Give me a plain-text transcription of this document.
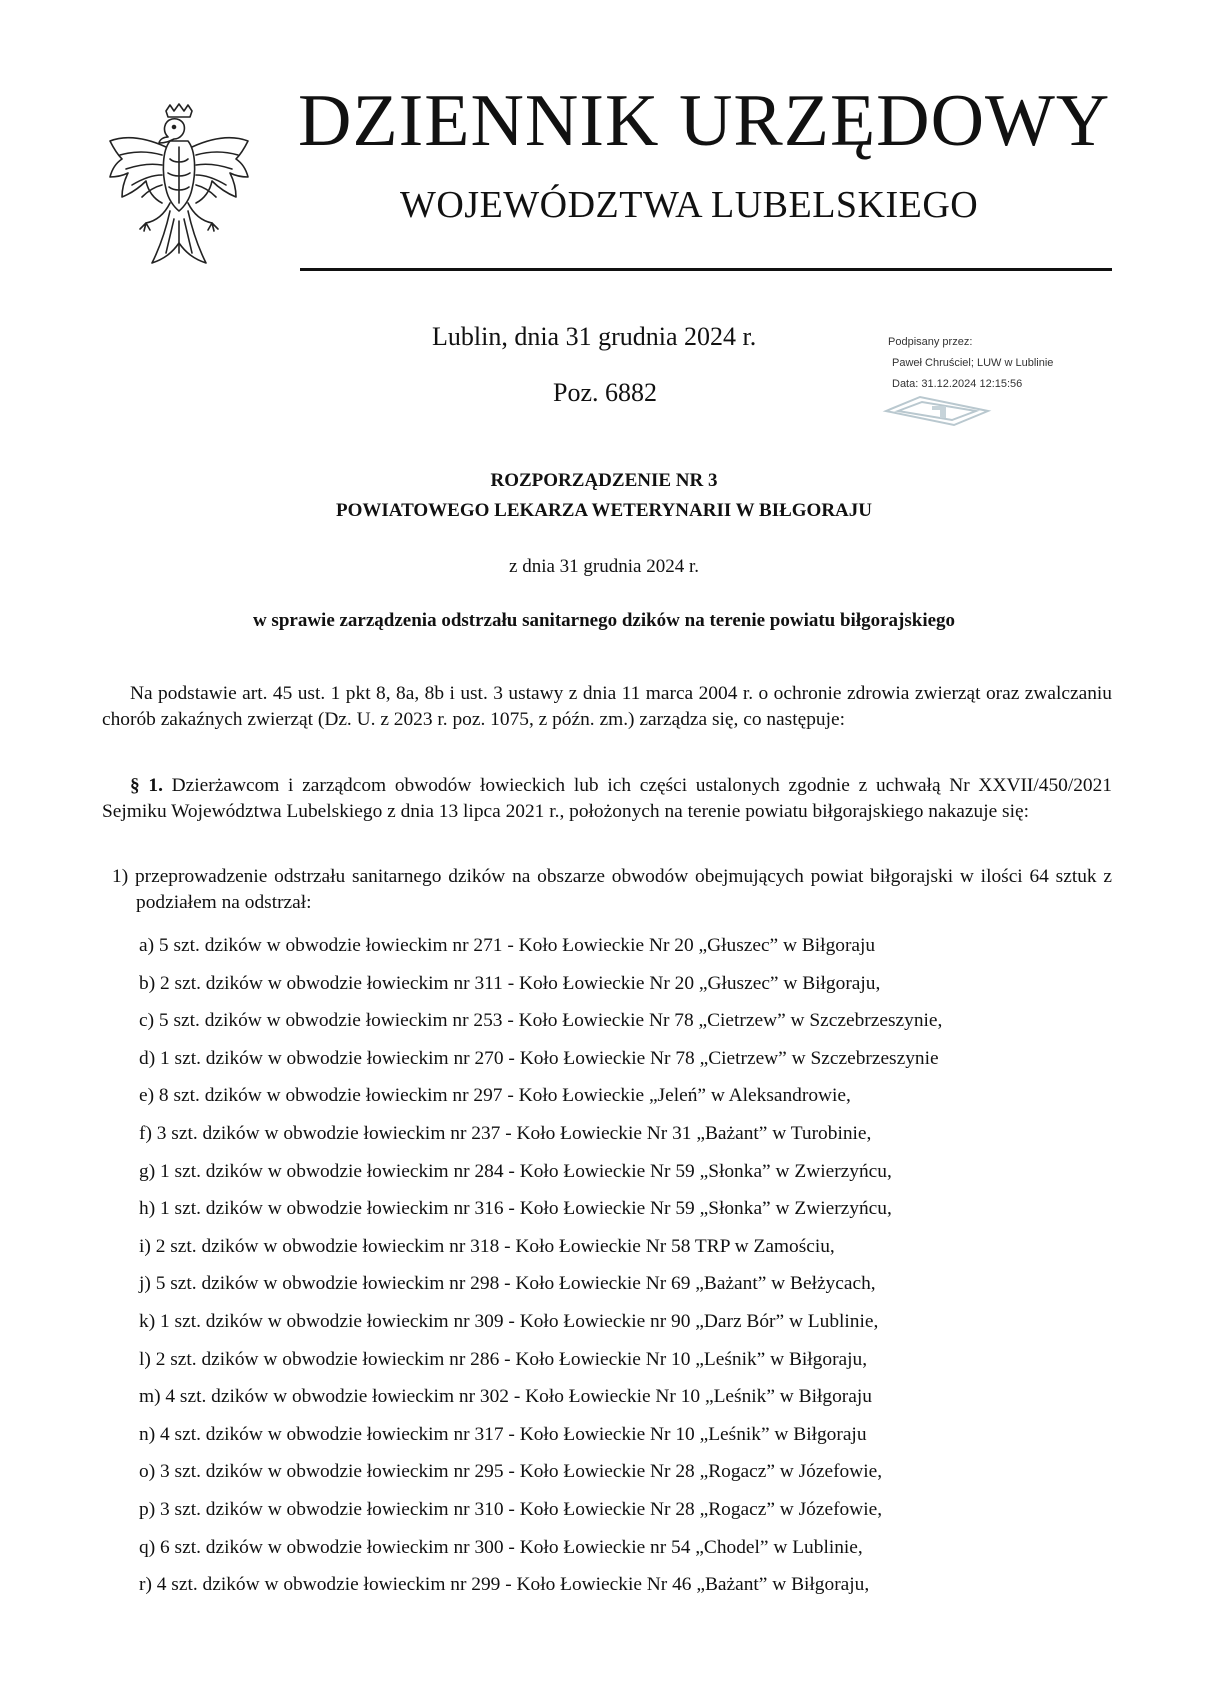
DZIENNIK URZĘDOWY
WOJEWÓDZTWA LUBELSKIEGO
Lublin, dnia 31 grudnia 2024 r.
Poz. 6882
Podpisany przez:
Paweł Chruściel; LUW w Lublinie
Data: 31.12.2024 12:15:56
ROZPORZĄDZENIE NR 3
POWIATOWEGO LEKARZA WETERYNARII W BIŁGORAJU
z dnia 31 grudnia 2024 r.
w sprawie zarządzenia odstrzału sanitarnego dzików na terenie powiatu biłgorajskiego
Na podstawie art. 45 ust. 1 pkt 8, 8a, 8b i ust. 3 ustawy z dnia 11 marca 2004 r. o ochronie zdrowia zwierząt oraz zwalczaniu chorób zakaźnych zwierząt (Dz. U. z 2023 r. poz. 1075, z późn. zm.) zarządza się, co następuje:
§ 1. Dzierżawcom i zarządcom obwodów łowieckich lub ich części ustalonych zgodnie z uchwałą Nr XXVII/450/2021 Sejmiku Województwa Lubelskiego z dnia 13 lipca 2021 r., położonych na terenie powiatu biłgorajskiego nakazuje się:
1) przeprowadzenie odstrzału sanitarnego dzików na obszarze obwodów obejmujących powiat biłgorajski w ilości 64 sztuk z podziałem na odstrzał:
a) 5 szt. dzików w obwodzie łowieckim nr 271 - Koło Łowieckie Nr 20 „Głuszec” w Biłgoraju
b) 2 szt. dzików w obwodzie łowieckim nr 311 - Koło Łowieckie Nr 20 „Głuszec” w Biłgoraju,
c) 5 szt. dzików w obwodzie łowieckim nr 253 - Koło Łowieckie Nr 78 „Cietrzew” w Szczebrzeszynie,
d) 1 szt. dzików w obwodzie łowieckim nr 270 - Koło Łowieckie Nr 78 „Cietrzew” w Szczebrzeszynie
e) 8 szt. dzików w obwodzie łowieckim nr 297 - Koło Łowieckie „Jeleń” w Aleksandrowie,
f) 3 szt. dzików w obwodzie łowieckim nr 237 - Koło Łowieckie Nr 31 „Bażant” w Turobinie,
g) 1 szt. dzików w obwodzie łowieckim nr 284 - Koło Łowieckie Nr 59 „Słonka” w Zwierzyńcu,
h) 1 szt. dzików w obwodzie łowieckim nr 316 - Koło Łowieckie Nr 59 „Słonka” w Zwierzyńcu,
i) 2 szt. dzików w obwodzie łowieckim nr 318 - Koło Łowieckie Nr 58 TRP w Zamościu,
j) 5 szt. dzików w obwodzie łowieckim nr 298 - Koło Łowieckie Nr 69 „Bażant” w Bełżycach,
k) 1 szt. dzików w obwodzie łowieckim nr 309 - Koło Łowieckie nr 90 „Darz Bór” w Lublinie,
l) 2 szt. dzików w obwodzie łowieckim nr 286 - Koło Łowieckie Nr 10 „Leśnik” w Biłgoraju,
m) 4 szt. dzików w obwodzie łowieckim nr 302 - Koło Łowieckie Nr 10 „Leśnik” w Biłgoraju
n) 4 szt. dzików w obwodzie łowieckim nr 317 - Koło Łowieckie Nr 10 „Leśnik” w Biłgoraju
o) 3 szt. dzików w obwodzie łowieckim nr 295 - Koło Łowieckie Nr 28 „Rogacz” w Józefowie,
p) 3 szt. dzików w obwodzie łowieckim nr 310 - Koło Łowieckie Nr 28 „Rogacz” w Józefowie,
q) 6 szt. dzików w obwodzie łowieckim nr 300 - Koło Łowieckie nr 54 „Chodel” w Lublinie,
r) 4 szt. dzików w obwodzie łowieckim nr 299 - Koło Łowieckie Nr 46 „Bażant” w Biłgoraju,
